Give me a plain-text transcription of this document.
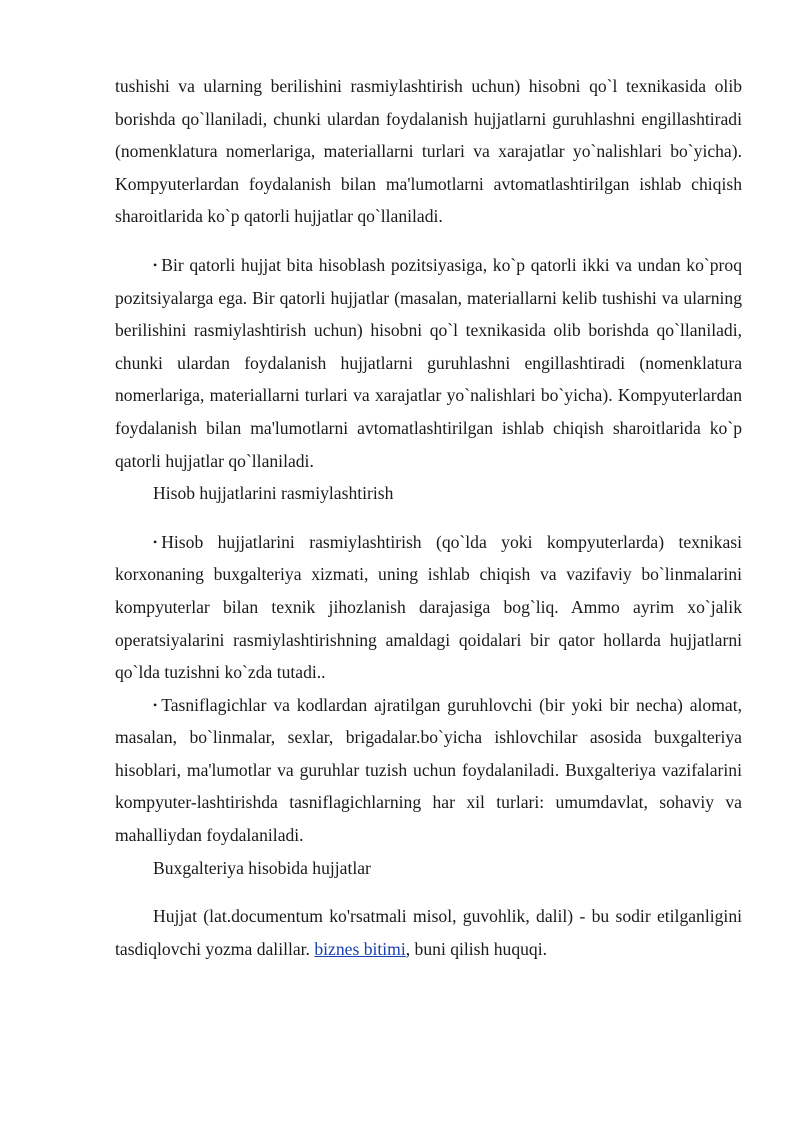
tushishi va ularning berilishini rasmiylashtirish uchun) hisobni qo`l texnikasida olib borishda qo`llaniladi, chunki ulardan foydalanish hujjatlarni guruhlashni engillashtiradi (nomenklatura nomerlariga, materiallarni turlari va xarajatlar yo`nalishlari bo`yicha). Kompyuterlardan foydalanish bilan ma'lumotlarni avtomatlashtirilgan ishlab chiqish sharoitlarida ko`p qatorli hujjatlar qo`llaniladi.

• Bir qatorli hujjat bita hisoblash pozitsiyasiga, ko`p qatorli ikki va undan ko`proq pozitsiyalarga ega. Bir qatorli hujjatlar (masalan, materiallarni kelib tushishi va ularning berilishini rasmiylashtirish uchun) hisobni qo`l texnikasida olib borishda qo`llaniladi, chunki ulardan foydalanish hujjatlarni guruhlashni engillashtiradi (nomenklatura nomerlariga, materiallarni turlari va xarajatlar yo`nalishlari bo`yicha). Kompyuterlardan foydalanish bilan ma'lumotlarni avtomatlashtirilgan ishlab chiqish sharoitlarida ko`p qatorli hujjatlar qo`llaniladi.

Hisob hujjatlarini rasmiylashtirish

• Hisob hujjatlarini rasmiylashtirish (qo`lda yoki kompyuterlarda) texnikasi korxonaning buxgalteriya xizmati, uning ishlab chiqish va vazifaviy bo`linmalarini kompyuterlar bilan texnik jihozlanish darajasiga bog`liq. Ammo ayrim xo`jalik operatsiyalarini rasmiylashtirishning amaldagi qoidalari bir qator hollarda hujjatlarni qo`lda tuzishni ko`zda tutadi..

• Tasniflagichlar va kodlardan ajratilgan guruhlovchi (bir yoki bir necha) alomat, masalan, bo`linmalar, sexlar, brigadalar.bo`yicha ishlovchilar asosida buxgalteriya hisoblari, ma'lumotlar va guruhlar tuzish uchun foydalaniladi. Buxgalteriya vazifalarini kompyuter-lashtirishda tasniflagichlarning har xil turlari: umumdavlat, sohaviy va mahalliydan foydalaniladi.

Buxgalteriya hisobida hujjatlar

Hujjat (lat.documentum ko'rsatmali misol, guvohlik, dalil) - bu sodir etilganligini tasdiqlovchi yozma dalillar. biznes bitimi, buni qilish huquqi.
